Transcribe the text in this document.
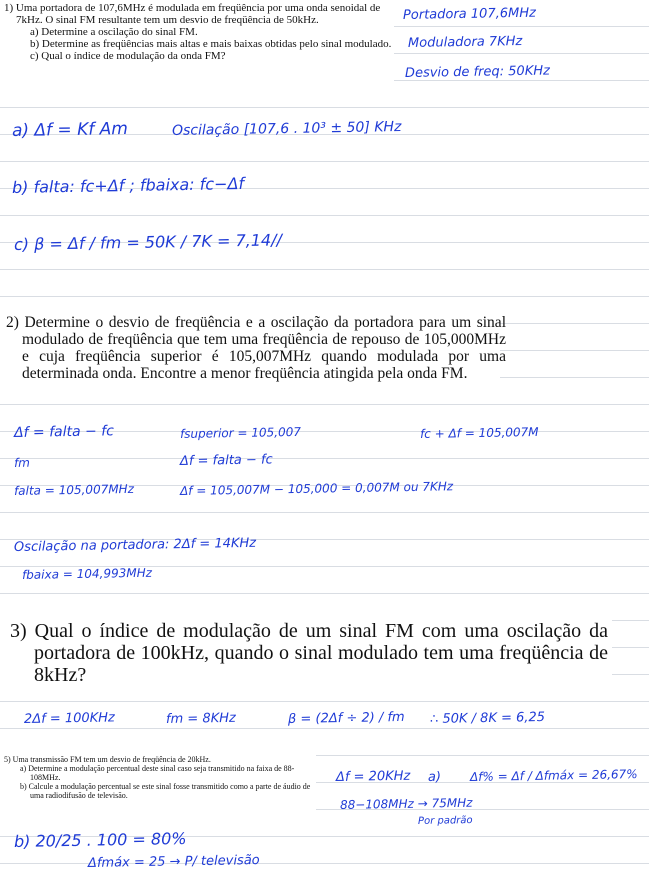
1) Uma portadora de 107,6MHz é modulada em freqüência por uma onda senoidal de 7kHz. O sinal FM resultante tem um desvio de freqüência de 50kHz.
a) Determine a oscilação do sinal FM.
b) Determine as freqüências mais altas e mais baixas obtidas pelo sinal modulado.
c) Qual o índice de modulação da onda FM?
Portadora 107,6MHz
Moduladora 7KHz
Desvio de freq: 50KHz
a) Δf = Kf Am	Oscilação [107,6 . 10³ ± 50] KHz
b) falta: fc+Δf ; fbaixa: fc−Δf
c) β = Δf / fm = 50K / 7K = 7,14//

2) Determine o desvio de freqüência e a oscilação da portadora para um sinal modulado de freqüência que tem uma freqüência de repouso de 105,000MHz e cuja freqüência superior é 105,007MHz quando modulada por uma determinada onda. Encontre a menor freqüência atingida pela onda FM.

Δf = falta − fc
fm
falta = 105,007MHz
fsuperior = 105,007
Δf = falta − fc
Δf = 105,007M − 105,000 = 0,007M ou 7KHz
fc + Δf = 105,007M
Oscilação na portadora: 2Δf = 14KHz
fbaixa = 104,993MHz

3) Qual o índice de modulação de um sinal FM com uma oscilação da portadora de 100kHz, quando o sinal modulado tem uma freqüência de 8kHz?

2Δf = 100KHz	fm = 8KHz	β = (2Δf ÷ 2) / fm ∴ 50K / 8K = 6,25
5) Uma transmissão FM tem um desvio de freqüência de 20kHz.
a) Determine a modulação percentual deste sinal caso seja transmitido na faixa de 88-108MHz.
b) Calcule a modulação percentual se este sinal fosse transmitido como a parte de áudio de uma radiodifusão de televisão.
Δf = 20KHz a) Δf% = Δf / Δfmáx = 26,67%
88−108MHz → 75MHz
Por padrão
b) 20/25 . 100 = 80%
Δfmáx = 25 → P/ televisão
